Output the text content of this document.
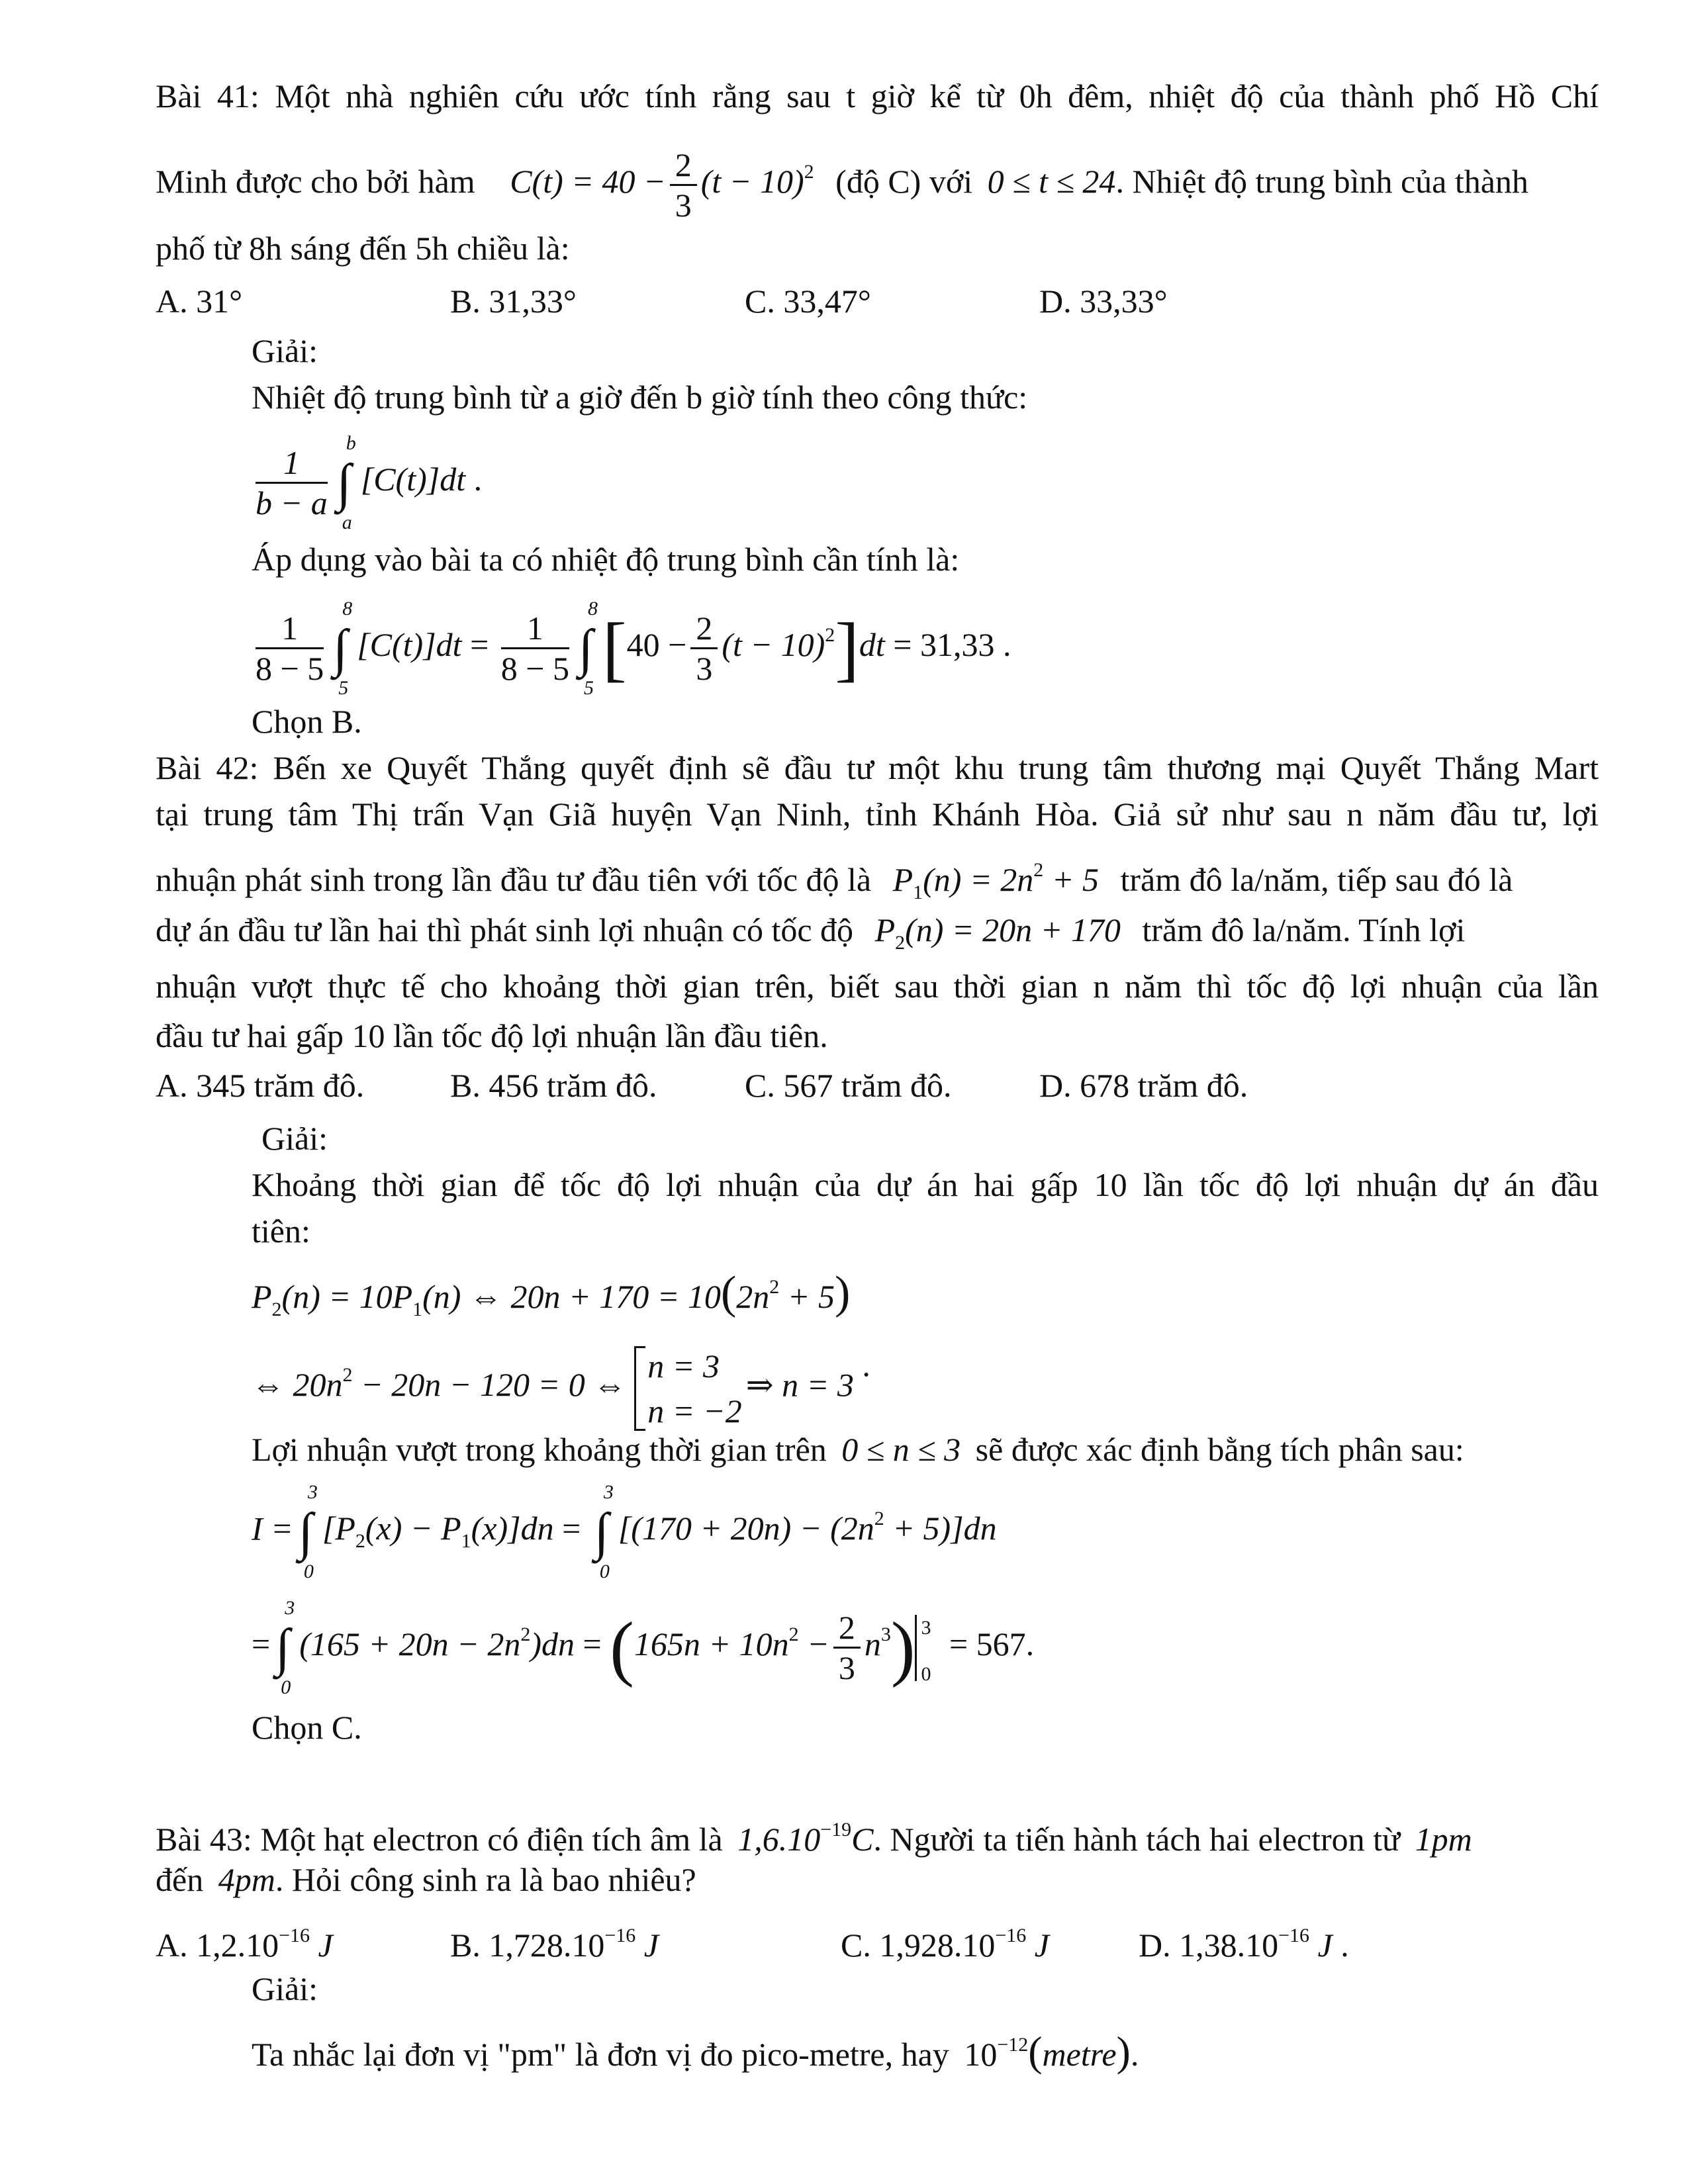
Bài 41: Một nhà nghiên cứu ước tính rằng sau t giờ kể từ 0h đêm, nhiệt độ của thành phố Hồ Chí
Minh được cho bởi hàm $C(t) = 40 - \frac{2}{3} (t - 10)^2$ (độ C) với 0 ≤ t ≤ 24. Nhiệt độ trung bình của thành
phố từ 8h sáng đến 5h chiều là:
A. 31°	B. 31,33°	C. 33,47°	D. 33,33°
Giải:
Nhiệt độ trung bình từ a giờ đến b giờ tính theo công thức:
$\frac{1}{b - a}$ ∫
b
a
[C(t)]dt .
Áp dụng vào bài ta có nhiệt độ trung bình cần tính là:
$\frac{1}{8 - 5}$ ∫
8
5
$[C(t)]dt = \frac{1}{8 - 5}$ ∫
8
5 $[40 - \frac{2}{3} (t - 10)^2]dt = 31,33$ .
Chọn B.
Bài 42: Bến xe Quyết Thắng quyết định sẽ đầu tư một khu trung tâm thương mại Quyết Thắng Mart
tại trung tâm Thị trấn Vạn Giã huyện Vạn Ninh, tỉnh Khánh Hòa. Giả sử như sau n năm đầu tư, lợi
nhuận phát sinh trong lần đầu tư đầu tiên với tốc độ là $P_1(n) = 2n^2 + 5$ trăm đô la/năm, tiếp sau đó là
dự án đầu tư lần hai thì phát sinh lợi nhuận có tốc độ $P_2(n) = 20n + 170$ trăm đô la/năm. Tính lợi
nhuận vượt thực tế cho khoảng thời gian trên, biết sau thời gian n năm thì tốc độ lợi nhuận của lần
đầu tư hai gấp 10 lần tốc độ lợi nhuận lần đầu tiên.
A. 345 trăm đô.	B. 456 trăm đô.	C. 567 trăm đô.	D. 678 trăm đô.
Giải:
Khoảng thời gian để tốc độ lợi nhuận của dự án hai gấp 10 lần tốc độ lợi nhuận dự án đầu
tiên:
$P_2(n) = 10P_1(n)$ ⇔ $20n + 170 = 10(2n^2 + 5)$
⇔ $20n^2 - 20n - 120 = 0$ ⇔
n = 3
n = −2
⇒ n = 3 .
Lợi nhuận vượt trong khoảng thời gian trên 0 ≤ n ≤ 3 sẽ được xác định bằng tích phân sau:
I = ∫
3
0
$[P_2(x) - P_1(x)]dn$ = ∫
3
0
$[(170 + 20n) - (2n^2 + 5)]dn$
= ∫
3
0
$(165 + 20n - 2n^2)dn = (165n + 10n^2 - \frac{2}{3} n^3)$ 3
0
= 567.
Chọn C.
Bài 43: Một hạt electron có điện tích âm là $1,6.10^{-19}C$. Người ta tiến hành tách hai electron từ 1pm
đến 4pm. Hỏi công sinh ra là bao nhiêu?
A. $1,2.10^{-16}$ J	B. $1,728.10^{-16}$ J	C. $1,928.10^{-16}$ J	D. $1,38.10^{-16}$ J .
Giải:
Ta nhắc lại đơn vị "pm" là đơn vị đo pico-metre, hay $10^{-12}(metre)$.
